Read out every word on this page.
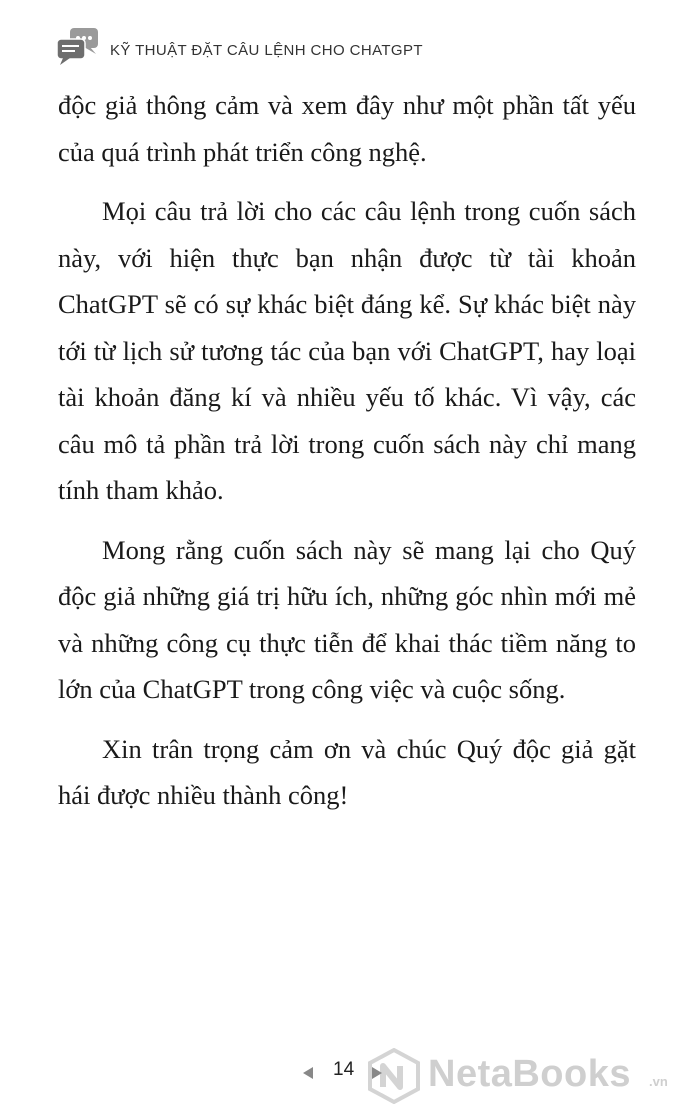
KỸ THUẬT ĐẶT CÂU LỆNH CHO CHATGPT

độc giả thông cảm và xem đây như một phần tất yếu của quá trình phát triển công nghệ.

Mọi câu trả lời cho các câu lệnh trong cuốn sách này, với hiện thực bạn nhận được từ tài khoản ChatGPT sẽ có sự khác biệt đáng kể. Sự khác biệt này tới từ lịch sử tương tác của bạn với ChatGPT, hay loại tài khoản đăng kí và nhiều yếu tố khác. Vì vậy, các câu mô tả phần trả lời trong cuốn sách này chỉ mang tính tham khảo.

Mong rằng cuốn sách này sẽ mang lại cho Quý độc giả những giá trị hữu ích, những góc nhìn mới mẻ và những công cụ thực tiễn để khai thác tiềm năng to lớn của ChatGPT trong công việc và cuộc sống.

Xin trân trọng cảm ơn và chúc Quý độc giả gặt hái được nhiều thành công!

14 NetaBooks .vn
